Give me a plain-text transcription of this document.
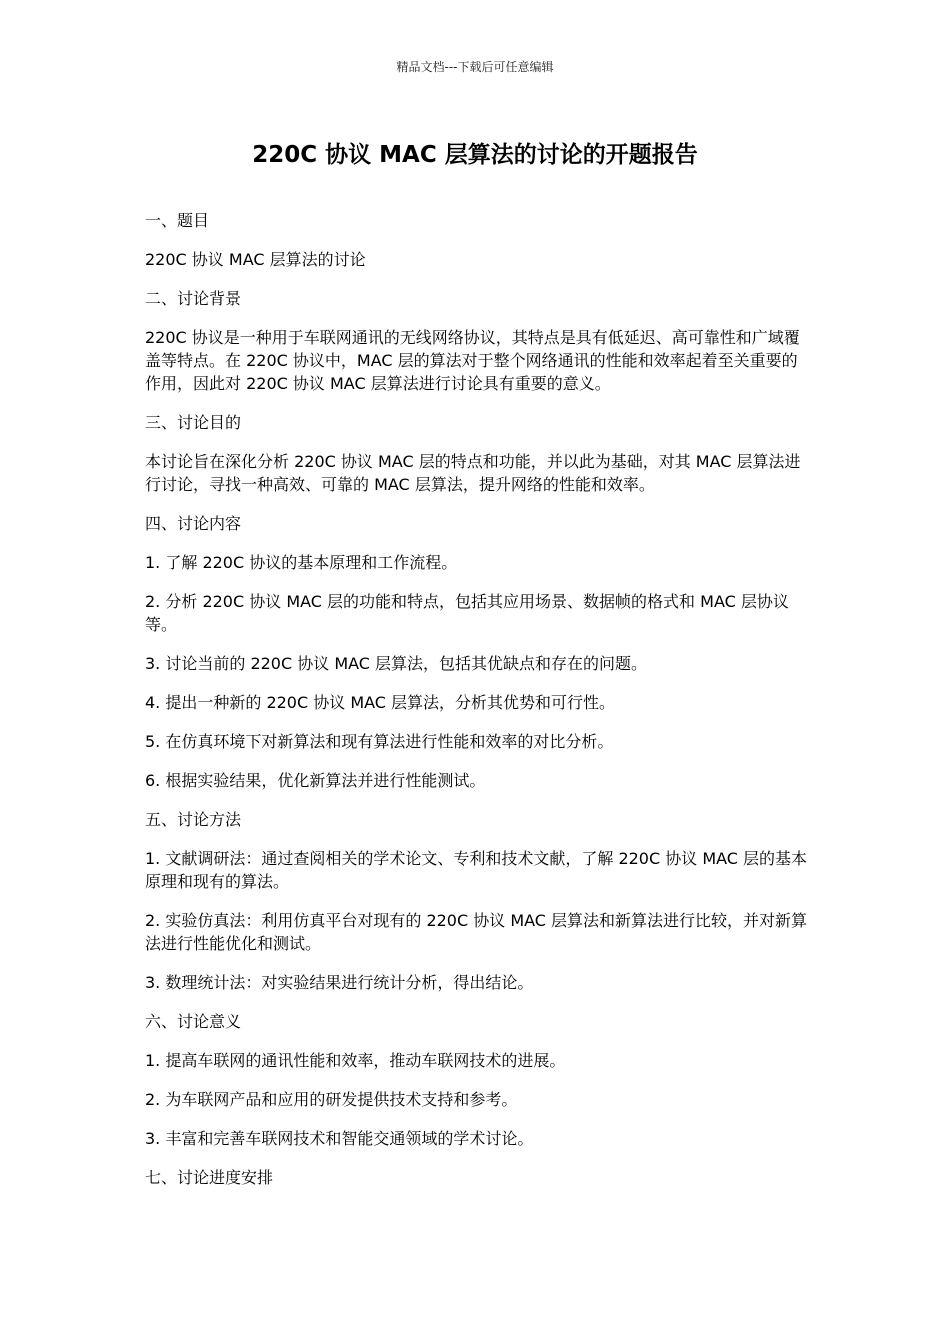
精品文档---下载后可任意编辑
220C 协议 MAC 层算法的讨论的开题报告

一、题目

220C 协议 MAC 层算法的讨论

二、讨论背景

220C 协议是一种用于车联网通讯的无线网络协议，其特点是具有低延迟、高可靠性和广域覆盖等特点。在 220C 协议中，MAC 层的算法对于整个网络通讯的性能和效率起着至关重要的作用，因此对 220C 协议 MAC 层算法进行讨论具有重要的意义。

三、讨论目的

本讨论旨在深化分析 220C 协议 MAC 层的特点和功能，并以此为基础，对其 MAC 层算法进行讨论，寻找一种高效、可靠的 MAC 层算法，提升网络的性能和效率。

四、讨论内容

1. 了解 220C 协议的基本原理和工作流程。

2. 分析 220C 协议 MAC 层的功能和特点，包括其应用场景、数据帧的格式和 MAC 层协议等。

3. 讨论当前的 220C 协议 MAC 层算法，包括其优缺点和存在的问题。

4. 提出一种新的 220C 协议 MAC 层算法，分析其优势和可行性。

5. 在仿真环境下对新算法和现有算法进行性能和效率的对比分析。

6. 根据实验结果，优化新算法并进行性能测试。

五、讨论方法

1. 文献调研法：通过查阅相关的学术论文、专利和技术文献，了解 220C 协议 MAC 层的基本原理和现有的算法。

2. 实验仿真法：利用仿真平台对现有的 220C 协议 MAC 层算法和新算法进行比较，并对新算法进行性能优化和测试。

3. 数理统计法：对实验结果进行统计分析，得出结论。

六、讨论意义

1. 提高车联网的通讯性能和效率，推动车联网技术的进展。

2. 为车联网产品和应用的研发提供技术支持和参考。

3. 丰富和完善车联网技术和智能交通领域的学术讨论。

七、讨论进度安排
